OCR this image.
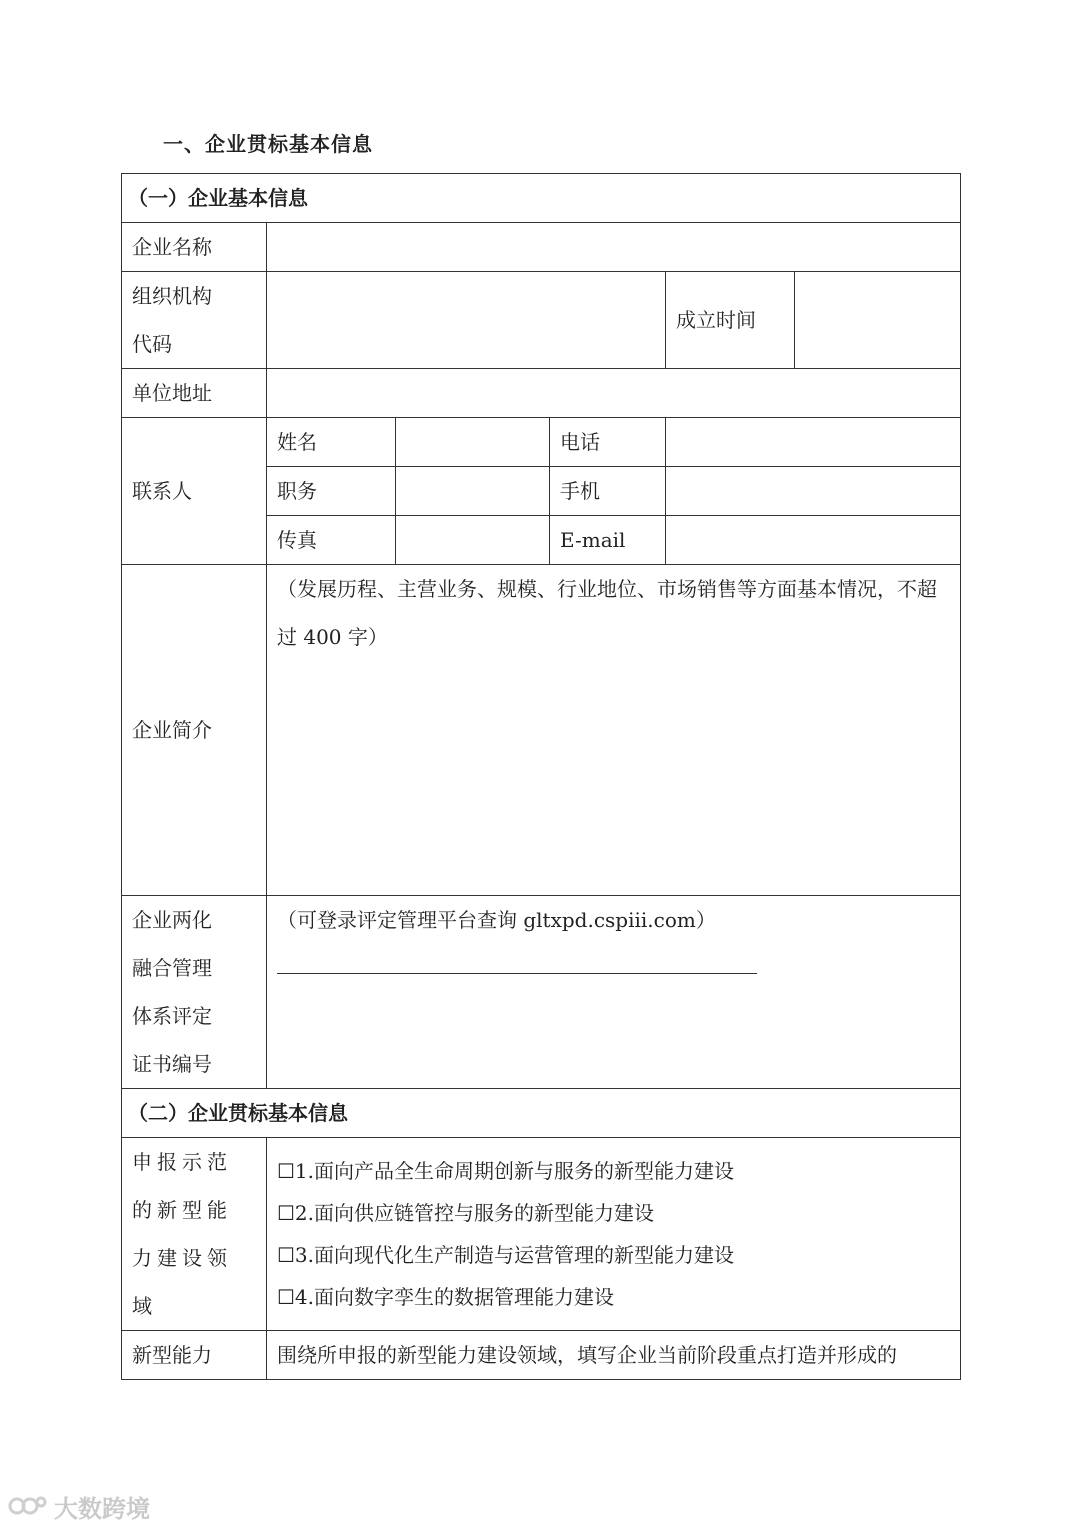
一、企业贯标基本信息
（一）企业基本信息					
企业名称					

组织机构
代码				成立时间	
单位地址					
联系人	姓名		电话		
	职务		手机		
	传真		E-mail		
企业简介	（发展历程、主营业务、规模、行业地位、市场销售等方面基本情况，不超过 400 字）				

企业两化
融合管理
体系评定
证书编号	（可登录评定管理平台查询 gltxpd.cspiii.com）				

（二）企业贯标基本信息					
申报示范的新型能力建设领域	☐1.面向产品全生命周期创新与服务的新型能力建设
☐2.面向供应链管控与服务的新型能力建设
☐3.面向现代化生产制造与运营管理的新型能力建设
☐4.面向数字孪生的数据管理能力建设				

新型能力	围绕所申报的新型能力建设领域，填写企业当前阶段重点打造并形成的				
大数跨境
